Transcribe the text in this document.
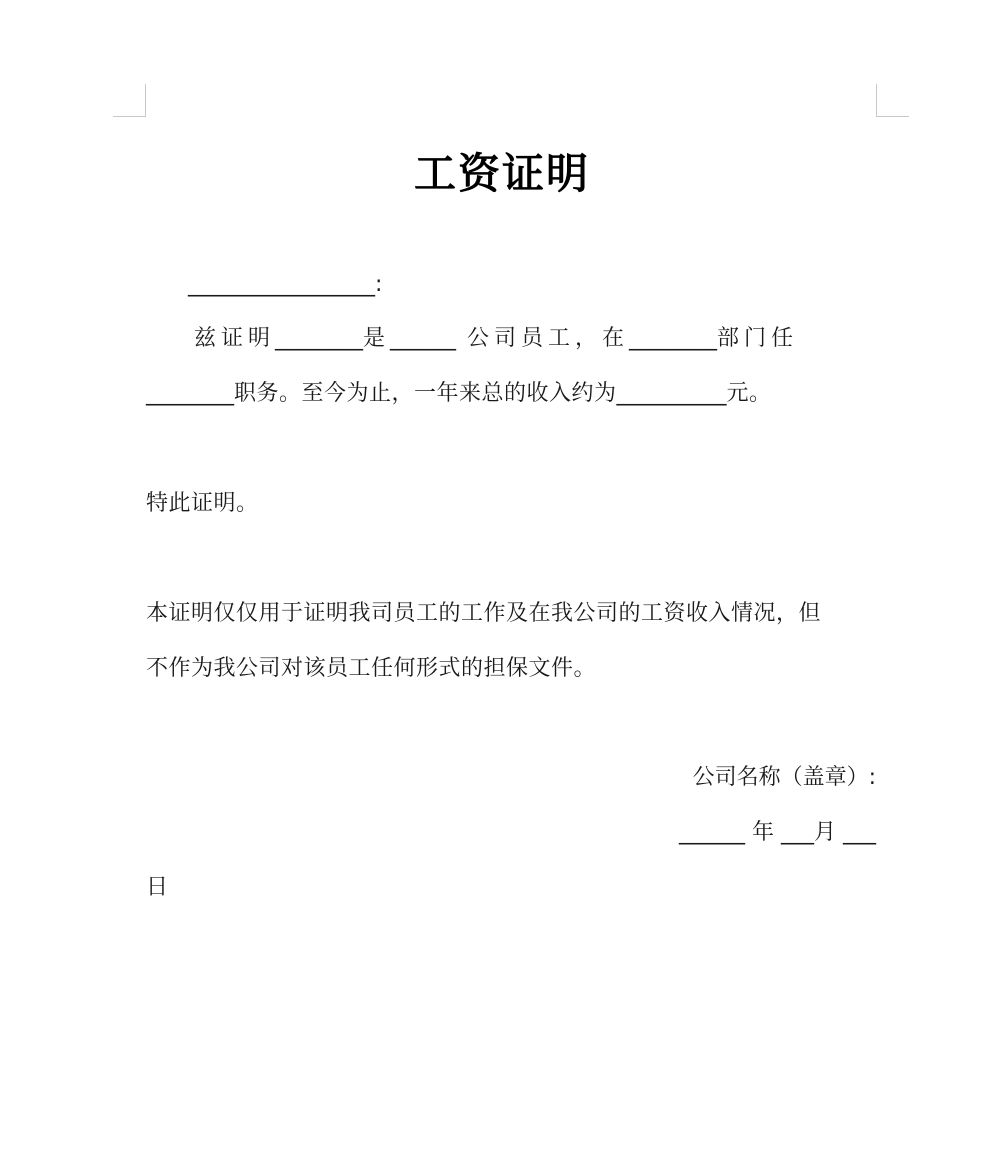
工资证明
_________________:
兹证明________是______ 公司员工，在________部门任
________职务。至今为止，一年来总的收入约为__________元。
特此证明。
本证明仅仅用于证明我司员工的工作及在我公司的工资收入情况，但
不作为我公司对该员工任何形式的担保文件。
公司名称（盖章）:
______ 年 ___月 ___
日
